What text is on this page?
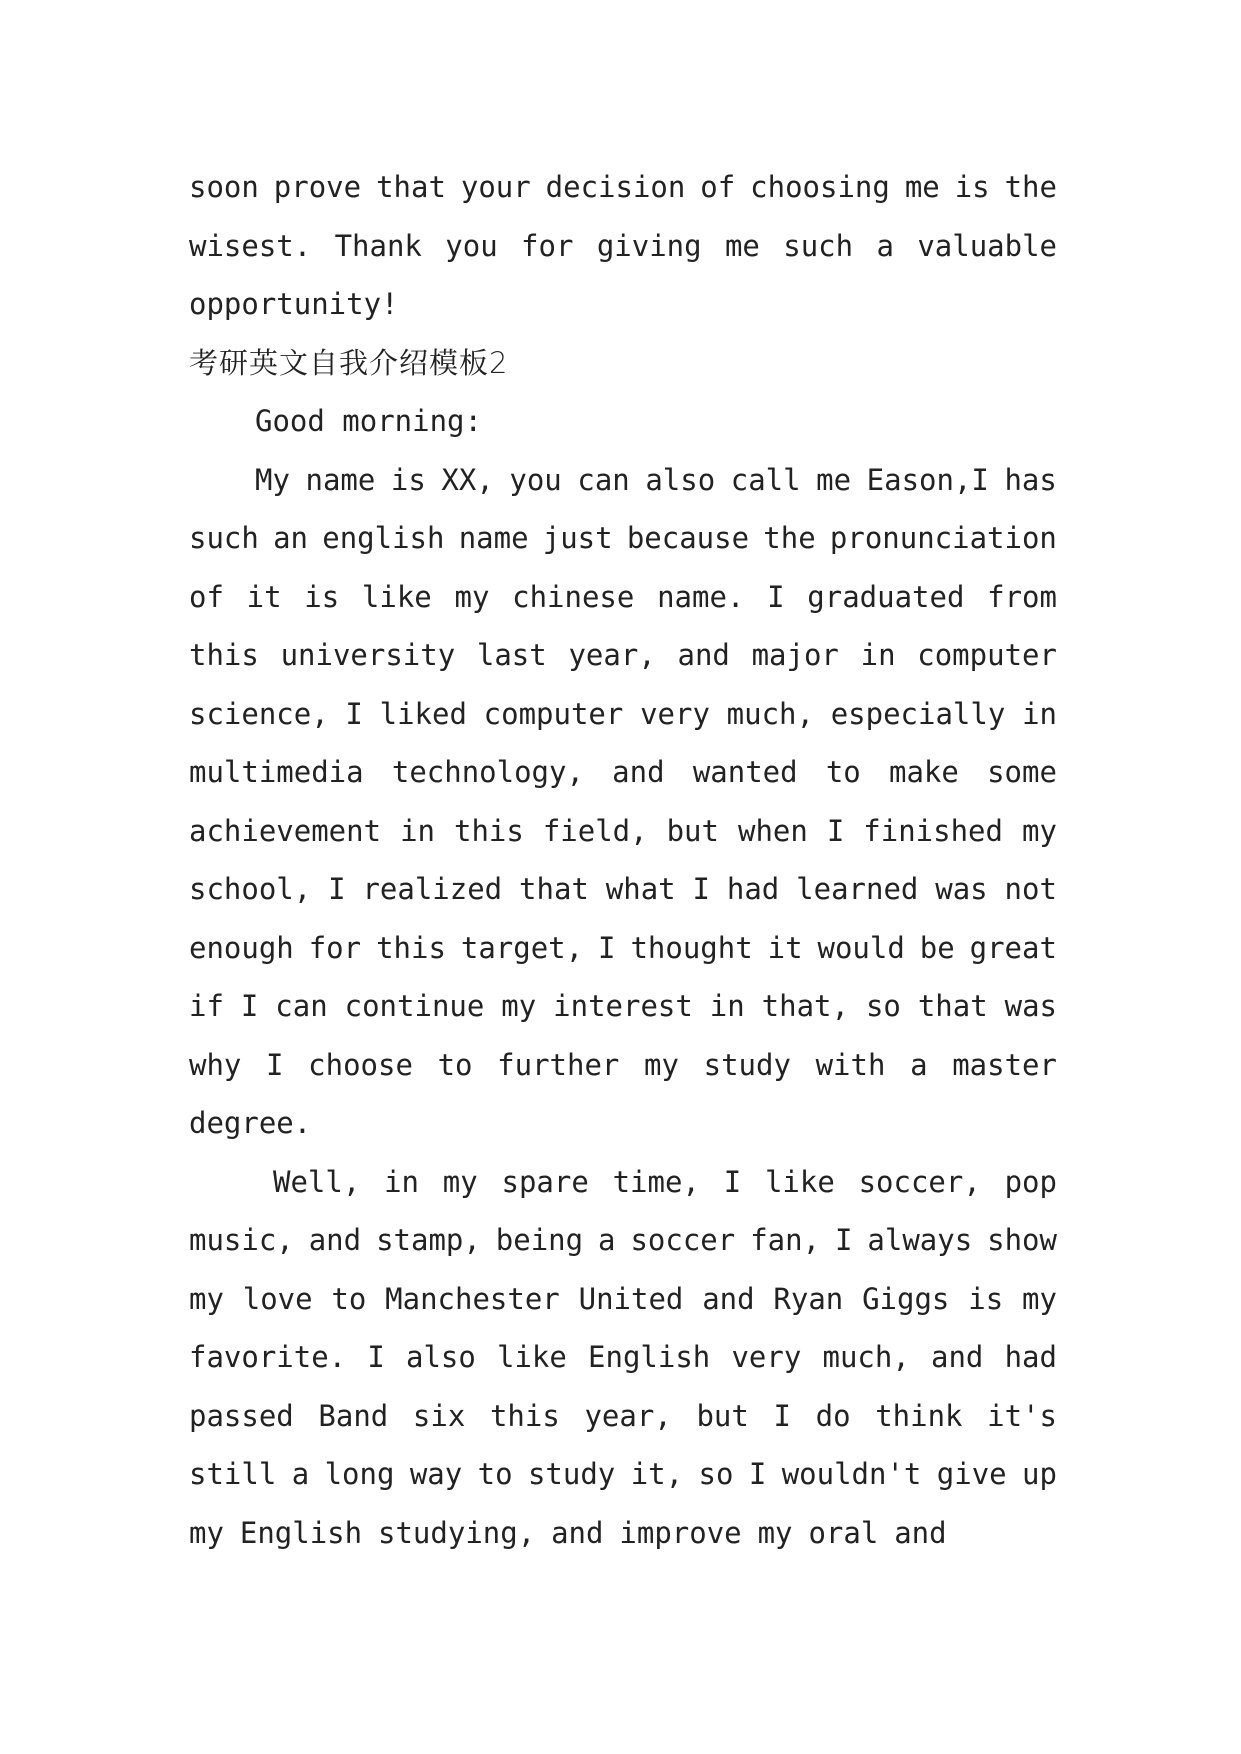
soon prove that your decision of choosing me is the
wisest. Thank you for giving me such a valuable
opportunity!
考研英文自我介绍模板2
Good morning:
My name is XX, you can also call me Eason,I has
such an english name just because the pronunciation
of it is like my chinese name. I graduated from
this university last year, and major in computer
science, I liked computer very much, especially in
multimedia technology, and wanted to make some
achievement in this field, but when I finished my
school, I realized that what I had learned was not
enough for this target, I thought it would be great
if I can continue my interest in that, so that was
why I choose to further my study with a master
degree.
Well, in my spare time, I like soccer, pop
music, and stamp, being a soccer fan, I always show
my love to Manchester United and Ryan Giggs is my
favorite. I also like English very much, and had
passed Band six this year, but I do think it's
still a long way to study it, so I wouldn't give up
my English studying, and improve my oral and
